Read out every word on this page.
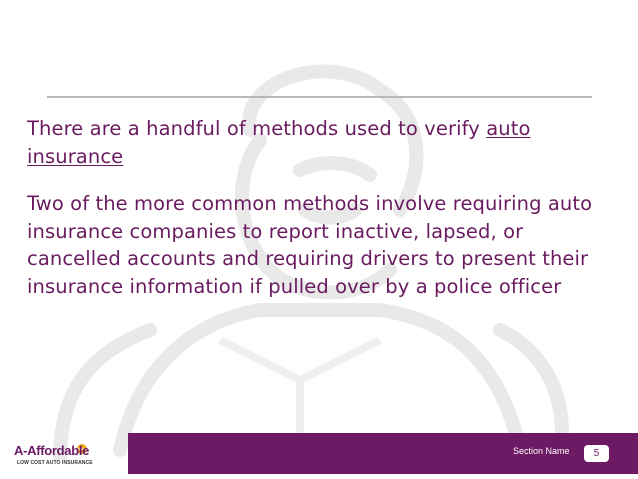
There are a handful of methods used to verify auto insurance

Two of the more common methods involve requiring auto insurance companies to report inactive, lapsed, or cancelled accounts and requiring drivers to present their insurance information if pulled over by a police officer

Section Name	5
A-Affordable
LOW COST AUTO INSURANCE
